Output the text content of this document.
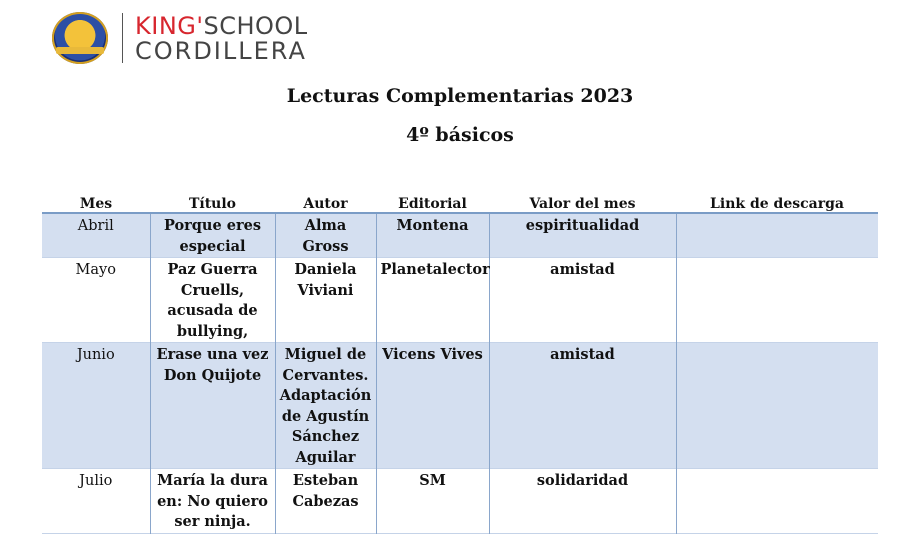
KING'SCHOOL
CORDILLERA
Lecturas Complementarias 2023
4º básicos
Mes	Título	Autor	Editorial	Valor del mes	Link de descarga
Abril	Porque eres especial	Alma Gross	Montena	espiritualidad	
Mayo	Paz Guerra Cruells, acusada de bullying,	Daniela Viviani	Planetalector	amistad	
Junio	Erase una vez Don Quijote	Miguel de Cervantes. Adaptación de Agustín Sánchez Aguilar	Vicens Vives	amistad	
Julio	María la dura en: No quiero ser ninja.	Esteban Cabezas	SM	solidaridad	
